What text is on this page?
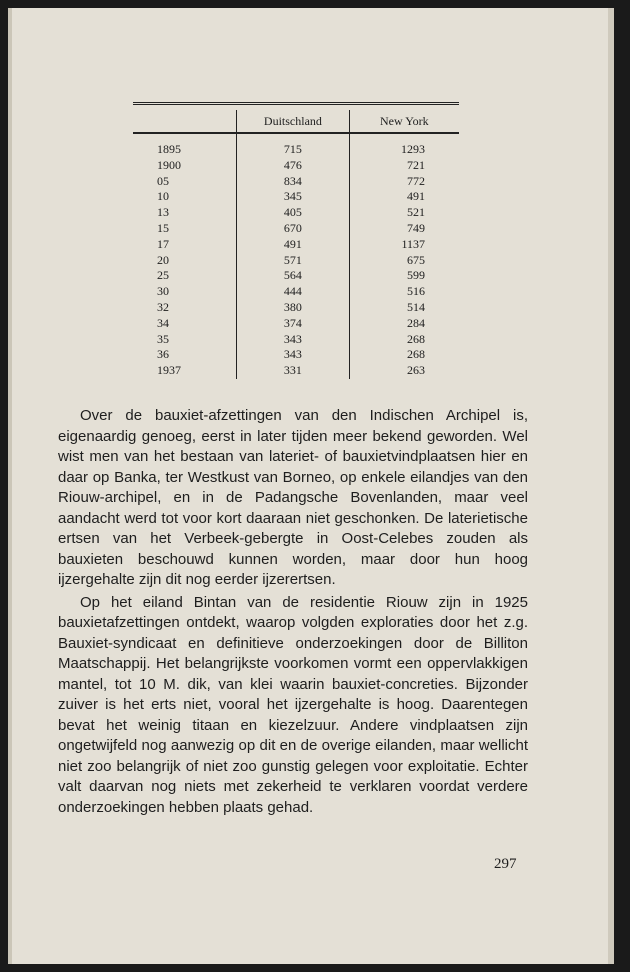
	Duitschland	New York
1895	715	1293
1900	476	721
05	834	772
10	345	491
13	405	521
15	670	749
17	491	1137
20	571	675
25	564	599
30	444	516
32	380	514
34	374	284
35	343	268
36	343	268
1937	331	263

Over de bauxiet-afzettingen van den Indischen Archipel is, eigenaardig genoeg, eerst in later tijden meer bekend geworden. Wel wist men van het bestaan van lateriet- of bauxietvindplaatsen hier en daar op Banka, ter Westkust van Borneo, op enkele eilandjes van den Riouw-archipel, en in de Padangsche Bovenlanden, maar veel aandacht werd tot voor kort daaraan niet geschonken. De laterietische ertsen van het Verbeek-gebergte in Oost-Celebes zouden als bauxieten beschouwd kunnen worden, maar door hun hoog ijzergehalte zijn dit nog eerder ijzerertsen.

Op het eiland Bintan van de residentie Riouw zijn in 1925 bauxietafzettingen ontdekt, waarop volgden exploraties door het z.g. Bauxiet-syndicaat en definitieve onderzoekingen door de Billiton Maatschappij. Het belangrijkste voorkomen vormt een oppervlakkigen mantel, tot 10 M. dik, van klei waarin bauxiet-concreties. Bijzonder zuiver is het erts niet, vooral het ijzergehalte is hoog. Daarentegen bevat het weinig titaan en kiezelzuur. Andere vindplaatsen zijn ongetwijfeld nog aanwezig op dit en de overige eilanden, maar wellicht niet zoo belangrijk of niet zoo gunstig gelegen voor exploitatie. Echter valt daarvan nog niets met zekerheid te verklaren voordat verdere onderzoekingen hebben plaats gehad.

297
